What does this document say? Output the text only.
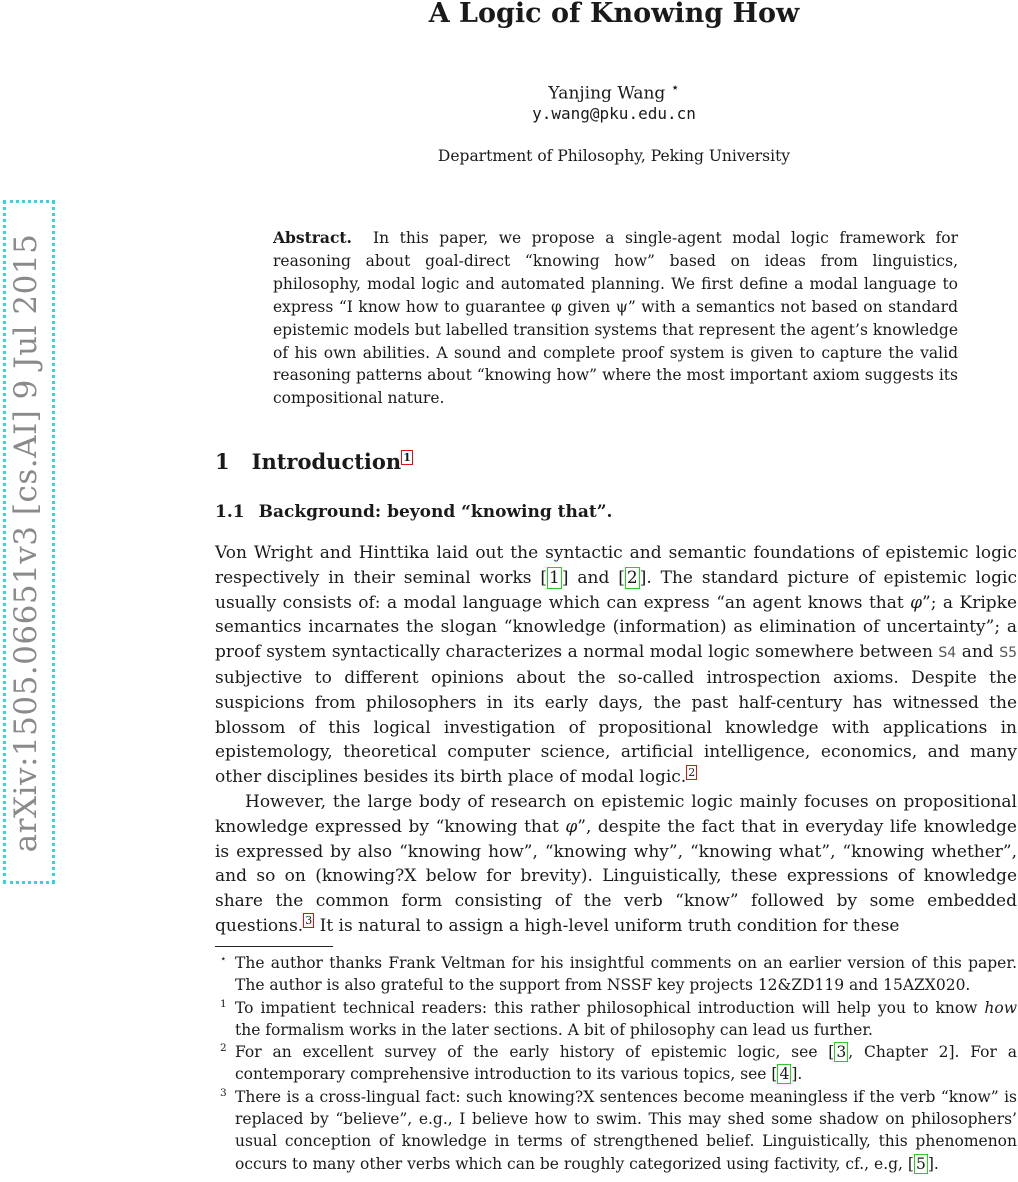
arXiv:1505.06651v3 [cs.AI] 9 Jul 2015
A Logic of Knowing How
Yanjing Wang ⋆
y.wang@pku.edu.cn
Department of Philosophy, Peking University
Abstract. In this paper, we propose a single-agent modal logic framework for reasoning about goal-direct “knowing how” based on ideas from linguistics, philosophy, modal logic and automated planning. We first define a modal language to express “I know how to guarantee φ given ψ” with a semantics not based on standard epistemic models but labelled transition systems that represent the agent’s knowledge of his own abilities. A sound and complete proof system is given to capture the valid reasoning patterns about “knowing how” where the most important axiom suggests its compositional nature.
1 Introduction $^1$
1.1 Background: beyond “knowing that”.

Von Wright and Hinttika laid out the syntactic and semantic foundations of epistemic logic respectively in their seminal works [ 1 ] and [ 2 ]. The standard picture of epistemic logic usually consists of: a modal language which can express “an agent knows that φ”; a Kripke semantics incarnates the slogan “knowledge (information) as elimination of uncertainty”; a proof system syntactically characterizes a normal modal logic somewhere between S4 and S5 subjective to different opinions about the so-called introspection axioms. Despite the suspicions from philosophers in its early days, the past half-century has witnessed the blossom of this logical investigation of propositional knowledge with applications in epistemology, theoretical computer science, artificial intelligence, economics, and many other disciplines besides its birth place of modal logic. $^2$

However, the large body of research on epistemic logic mainly focuses on propositional knowledge expressed by “knowing that φ”, despite the fact that in everyday life knowledge is expressed by also “knowing how”, “knowing why”, “knowing what”, “knowing whether”, and so on (knowing?X below for brevity). Linguistically, these expressions of knowledge share the common form consisting of the verb “know” followed by some embedded questions. $^3$ It is natural to assign a high-level uniform truth condition for these

⋆ The author thanks Frank Veltman for his insightful comments on an earlier version of this paper. The author is also grateful to the support from NSSF key projects 12&ZD119 and 15AZX020.
1 To impatient technical readers: this rather philosophical introduction will help you to know how the formalism works in the later sections. A bit of philosophy can lead us further.
2 For an excellent survey of the early history of epistemic logic, see [ 3 , Chapter 2]. For a contemporary comprehensive introduction to its various topics, see [ 4 ].
3 There is a cross-lingual fact: such knowing?X sentences become meaningless if the verb “know” is replaced by “believe”, e.g., I believe how to swim. This may shed some shadow on philosophers’ usual conception of knowledge in terms of strengthened belief. Linguistically, this phenomenon occurs to many other verbs which can be roughly categorized using factivity, cf., e.g, [ 5 ].
